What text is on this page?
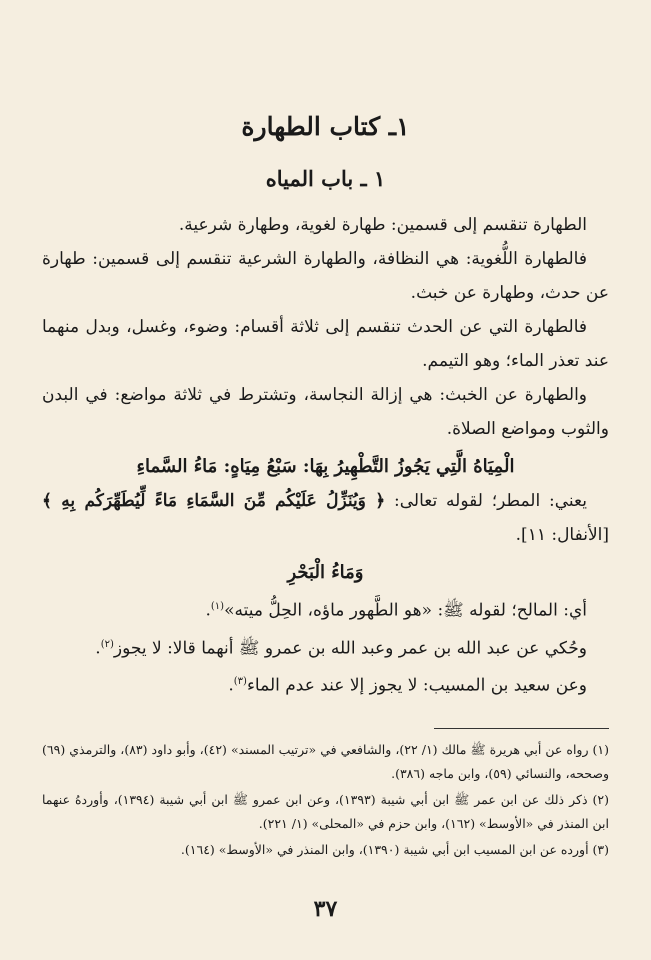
١ـ كتاب الطهارة
١ ـ باب المياه

الطهارة تنقسم إلى قسمين: طهارة لغوية، وطهارة شرعية.

فالطهارة اللُّغوية: هي النظافة، والطهارة الشرعية تنقسم إلى قسمين: طهارة عن حدث، وطهارة عن خبث.

فالطهارة التي عن الحدث تنقسم إلى ثلاثة أقسام: وضوء، وغسل، وبدل منهما عند تعذر الماء؛ وهو التيمم.

والطهارة عن الخبث: هي إزالة النجاسة، وتشترط في ثلاثة مواضع: في البدن والثوب ومواضع الصلاة.

الْمِيَاهُ الَّتِي يَجُوزُ التَّطْهِيرُ بِهَا: سَبْعُ مِيَاهٍ: مَاءُ السَّماءِ

يعني: المطر؛ لقوله تعالى: ﴿ وَيُنَزِّلُ عَلَيْكُم مِّنَ السَّمَاءِ مَاءً لِّيُطَهِّرَكُم بِهِ ﴾ [الأنفال: ١١].

وَمَاءُ الْبَحْرِ

أي: المالح؛ لقوله ﷺ: «هو الطَّهور ماؤه، الحِلُّ ميته»$^{(١)}$.

وحُكي عن عبد الله بن عمر وعبد الله بن عمرو ﷺ أنهما قالا: لا يجوز$^{(٢)}$.

وعن سعيد بن المسيب: لا يجوز إلا عند عدم الماء$^{(٣)}$.

(١) رواه عن أبي هريرة ﷺ مالك (١/ ٢٢)، والشافعي في «ترتيب المسند» (٤٢)، وأبو داود (٨٣)، والترمذي (٦٩) وصححه، والنسائي (٥٩)، وابن ماجه (٣٨٦).

(٢) ذكر ذلك عن ابن عمر ﷺ ابن أبي شيبة (١٣٩٣)، وعن ابن عمرو ﷺ ابن أبي شيبة (١٣٩٤)، وأوردهُ عنهما ابن المنذر في «الأوسط» (١٦٢)، وابن حزم في «المحلى» (١/ ٢٢١).

(٣) أورده عن ابن المسيب ابن أبي شيبة (١٣٩٠)، وابن المنذر في «الأوسط» (١٦٤).

٣٧
